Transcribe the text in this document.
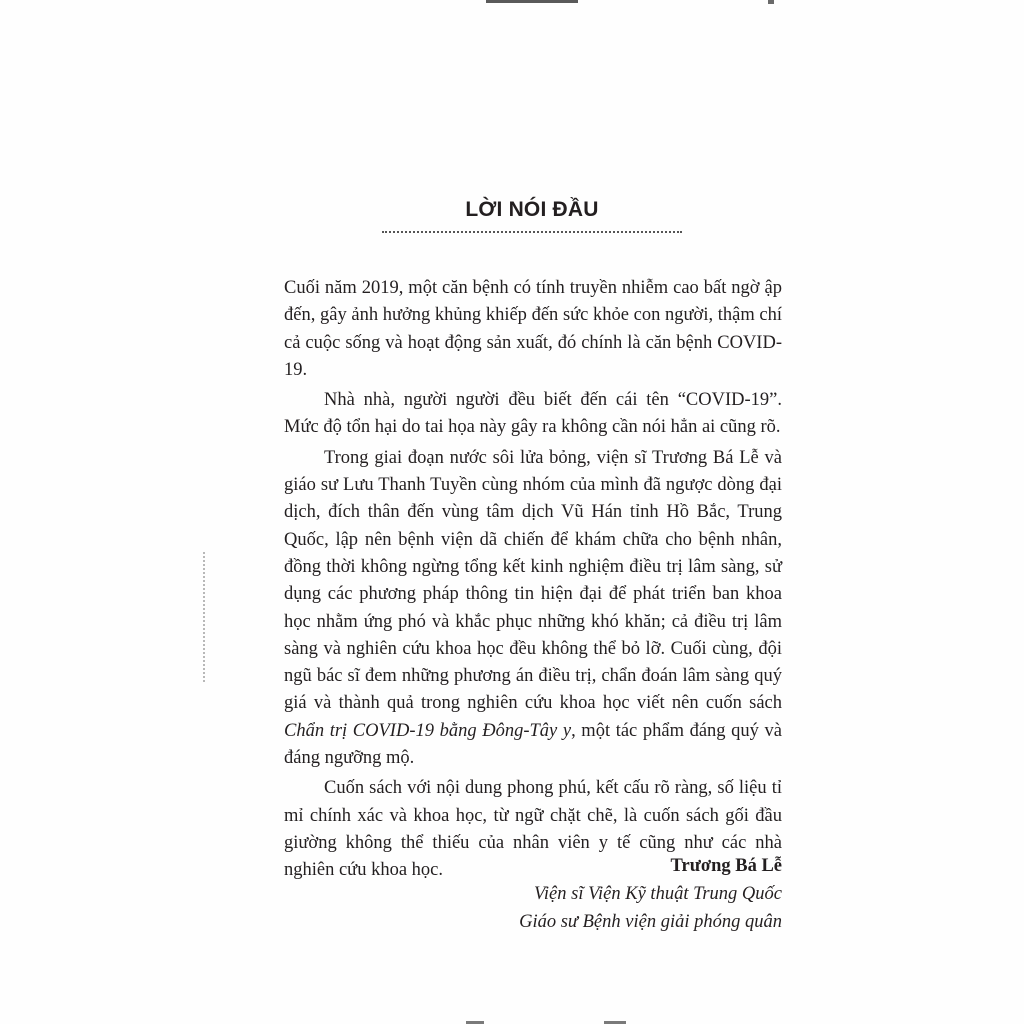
LỜI NÓI ĐẦU

Cuối năm 2019, một căn bệnh có tính truyền nhiễm cao bất ngờ ập đến, gây ảnh hưởng khủng khiếp đến sức khỏe con người, thậm chí cả cuộc sống và hoạt động sản xuất, đó chính là căn bệnh COVID-19.

Nhà nhà, người người đều biết đến cái tên “COVID-19”. Mức độ tổn hại do tai họa này gây ra không cần nói hẳn ai cũng rõ.

Trong giai đoạn nước sôi lửa bỏng, viện sĩ Trương Bá Lễ và giáo sư Lưu Thanh Tuyền cùng nhóm của mình đã ngược dòng đại dịch, đích thân đến vùng tâm dịch Vũ Hán tỉnh Hồ Bắc, Trung Quốc, lập nên bệnh viện dã chiến để khám chữa cho bệnh nhân, đồng thời không ngừng tổng kết kinh nghiệm điều trị lâm sàng, sử dụng các phương pháp thông tin hiện đại để phát triển ban khoa học nhằm ứng phó và khắc phục những khó khăn; cả điều trị lâm sàng và nghiên cứu khoa học đều không thể bỏ lỡ. Cuối cùng, đội ngũ bác sĩ đem những phương án điều trị, chẩn đoán lâm sàng quý giá và thành quả trong nghiên cứu khoa học viết nên cuốn sách Chẩn trị COVID-19 bằng Đông-Tây y, một tác phẩm đáng quý và đáng ngưỡng mộ.

Cuốn sách với nội dung phong phú, kết cấu rõ ràng, số liệu tỉ mỉ chính xác và khoa học, từ ngữ chặt chẽ, là cuốn sách gối đầu giường không thể thiếu của nhân viên y tế cũng như các nhà nghiên cứu khoa học.	Trương Bá Lễ
Viện sĩ Viện Kỹ thuật Trung Quốc
Giáo sư Bệnh viện giải phóng quân
